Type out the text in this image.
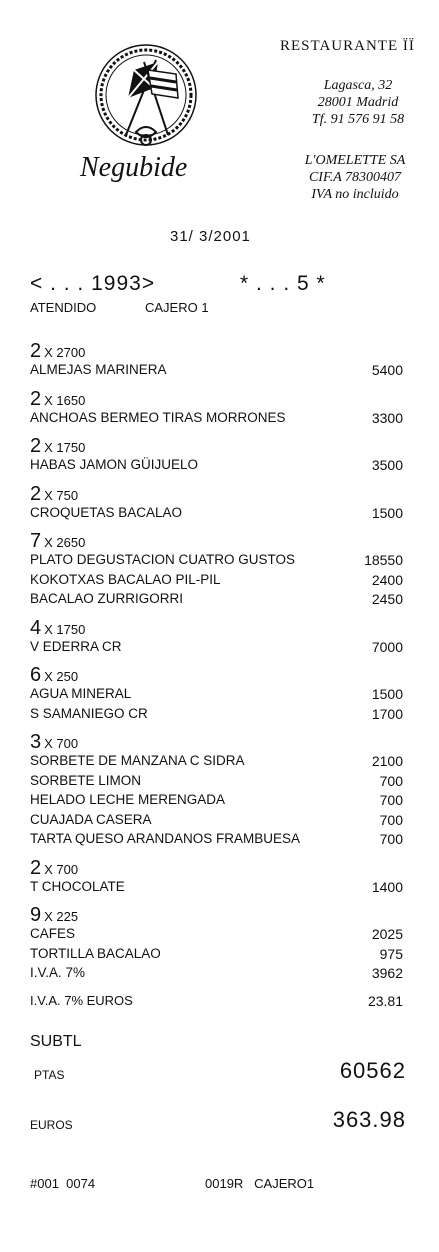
Negubide
RESTAURANTE ÏÏ
Lagasca, 32
28001 Madrid
Tf. 91 576 91 58
L'OMELETTE SA
CIF.A 78300407
IVA no incluido
31/ 3/2001
< . . . 1993>	* . . . 5 *
ATENDIDO	CAJERO 1
2 X 2700
ALMEJAS MARINERA	5400
2 X 1650
ANCHOAS BERMEO TIRAS MORRONES	3300
2 X 1750
HABAS JAMON GÜIJUELO	3500
2 X 750
CROQUETAS BACALAO	1500
7 X 2650
PLATO DEGUSTACION CUATRO GUSTOS	18550
KOKOTXAS BACALAO PIL-PIL	2400
BACALAO ZURRIGORRI	2450
4 X 1750
V EDERRA CR	7000
6 X 250
AGUA MINERAL	1500
S SAMANIEGO CR	1700
3 X 700
SORBETE DE MANZANA C SIDRA	2100
SORBETE LIMON	700
HELADO LECHE MERENGADA	700
CUAJADA CASERA	700
TARTA QUESO ARANDANOS FRAMBUESA	700
2 X 700
T CHOCOLATE	1400
9 X 225
CAFES	2025
TORTILLA BACALAO	975
I.V.A. 7%	3962
I.V.A. 7% EUROS	23.81
SUBTL
PTAS	60562
EUROS	363.98
#001  0074	0019R   CAJERO1
